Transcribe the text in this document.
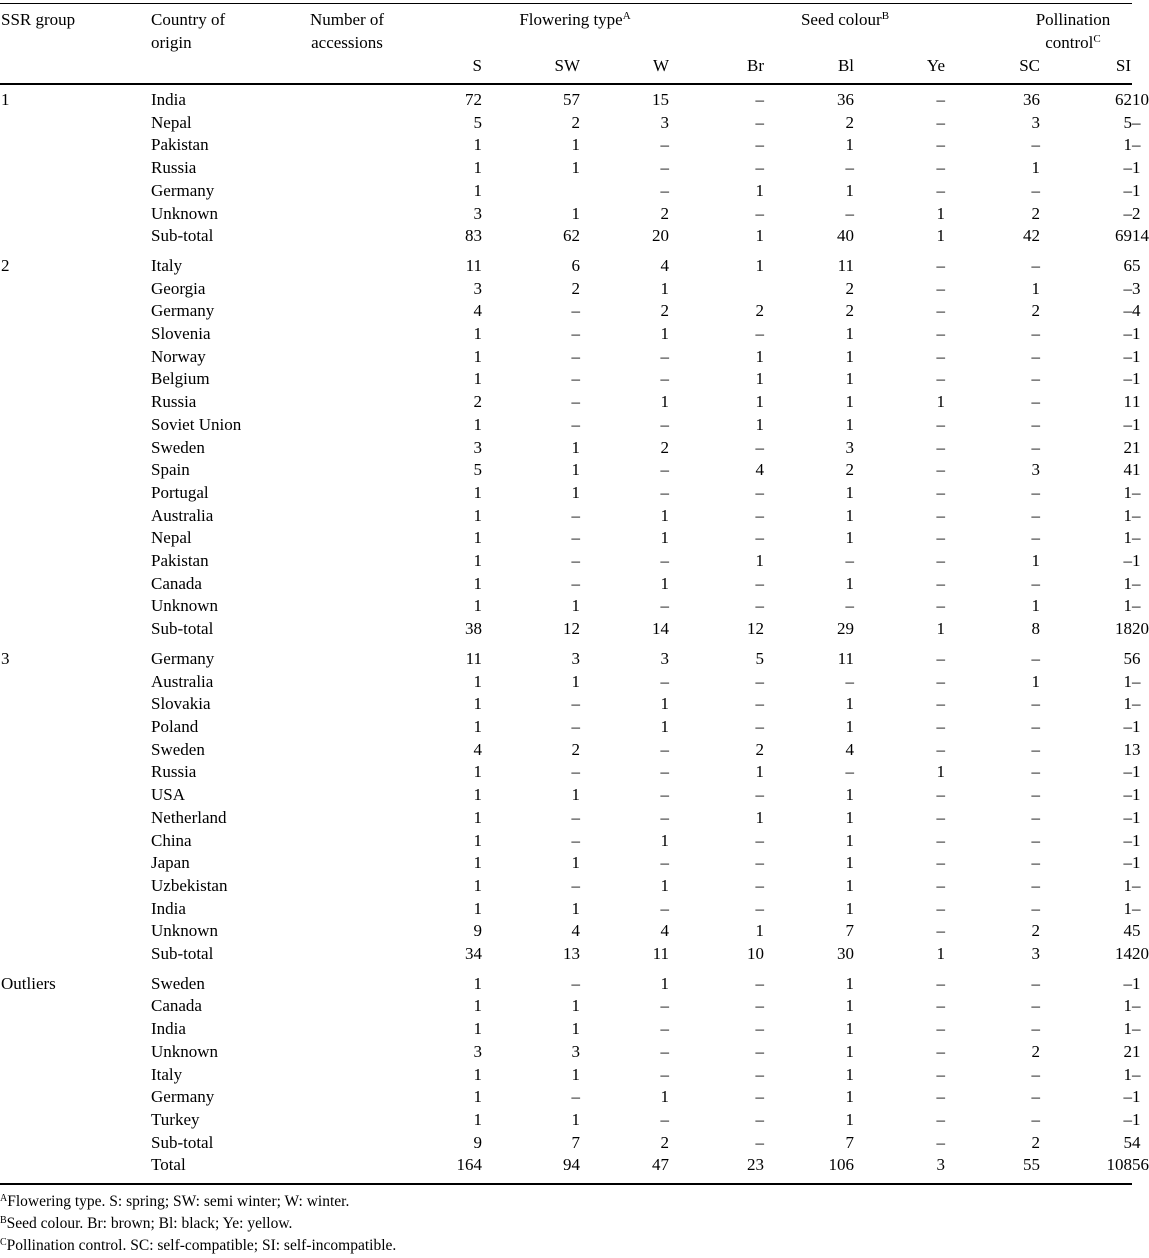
SSR group	Country of
origin
Number of
accessions
Flowering type$^A$	Seed colour$^B$	Pollination
control$^C$
S	SW	W	Br	Bl	Ye	SC	SI
1	India		72	57	15	–	36	–	36	62	10
	Nepal		5	2	3	–	2	–	3	5	–
	Pakistan		1	1	–	–	1	–	–	1	–
	Russia		1	1	–	–	–	–	1	–	1
	Germany		1		–	1	1	–	–	–	1
	Unknown		3	1	2	–	–	1	2	–	2
	Sub-total		83	62	20	1	40	1	42	69	14
2	Italy		11	6	4	1	11	–	–	6	5
	Georgia		3	2	1		2	–	1	–	3
	Germany		4	–	2	2	2	–	2	–	4
	Slovenia		1	–	1	–	1	–	–	–	1
	Norway		1	–	–	1	1	–	–	–	1
	Belgium		1	–	–	1	1	–	–	–	1
	Russia		2	–	1	1	1	1	–	1	1
	Soviet Union		1	–	–	1	1	–	–	–	1
	Sweden		3	1	2	–	3	–	–	2	1
	Spain		5	1	–	4	2	–	3	4	1
	Portugal		1	1	–	–	1	–	–	1	–
	Australia		1	–	1	–	1	–	–	1	–
	Nepal		1	–	1	–	1	–	–	1	–
	Pakistan		1	–	–	1	–	–	1	–	1
	Canada		1	–	1	–	1	–	–	1	–
	Unknown		1	1	–	–	–	–	1	1	–
	Sub-total		38	12	14	12	29	1	8	18	20
3	Germany		11	3	3	5	11	–	–	5	6
	Australia		1	1	–	–	–	–	1	1	–
	Slovakia		1	–	1	–	1	–	–	1	–
	Poland		1	–	1	–	1	–	–	–	1
	Sweden		4	2	–	2	4	–	–	1	3
	Russia		1	–	–	1	–	1	–	–	1
	USA		1	1	–	–	1	–	–	–	1
	Netherland		1	–	–	1	1	–	–	–	1
	China		1	–	1	–	1	–	–	–	1
	Japan		1	1	–	–	1	–	–	–	1
	Uzbekistan		1	–	1	–	1	–	–	1	–
	India		1	1	–	–	1	–	–	1	–
	Unknown		9	4	4	1	7	–	2	4	5
	Sub-total		34	13	11	10	30	1	3	14	20
Outliers	Sweden		1	–	1	–	1	–	–	–	1
	Canada		1	1	–	–	1	–	–	1	–
	India		1	1	–	–	1	–	–	1	–
	Unknown		3	3	–	–	1	–	2	2	1
	Italy		1	1	–	–	1	–	–	1	–
	Germany		1	–	1	–	1	–	–	–	1
	Turkey		1	1	–	–	1	–	–	–	1
	Sub-total		9	7	2	–	7	–	2	5	4
	Total		164	94	47	23	106	3	55	108	56
$^A$Flowering type. S: spring; SW: semi winter; W: winter.
$^B$Seed colour. Br: brown; Bl: black; Ye: yellow.
$^C$Pollination control. SC: self-compatible; SI: self-incompatible.
